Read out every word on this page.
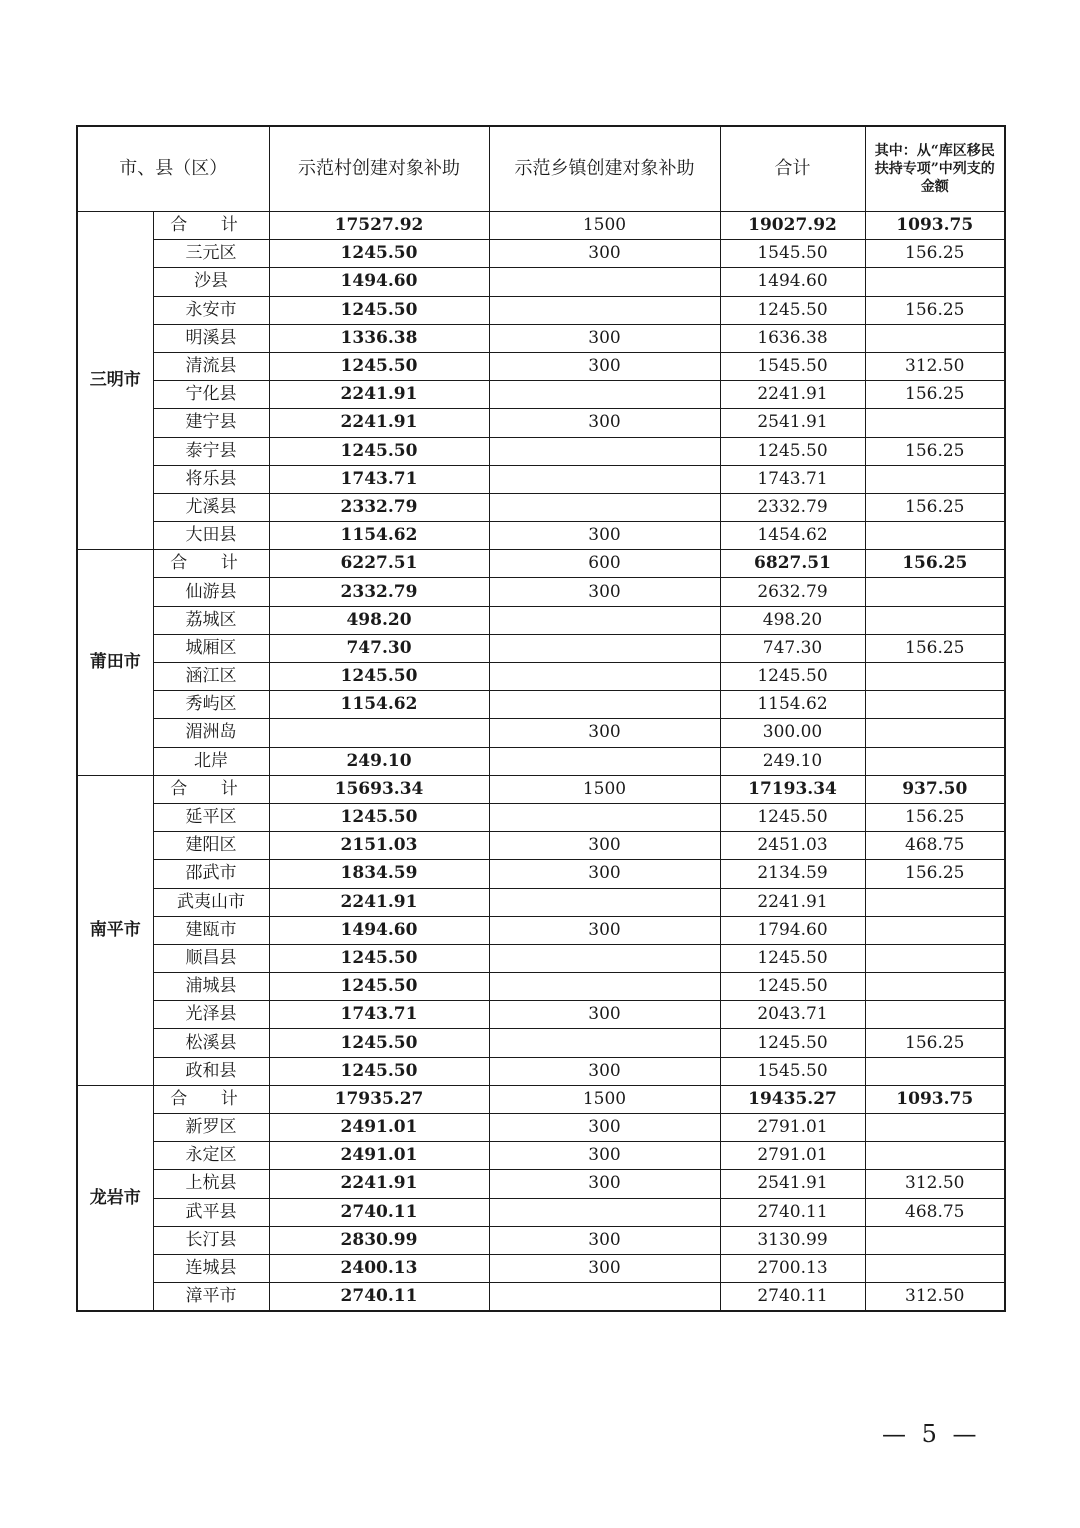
市、县（区）		示范村创建对象补助	示范乡镇创建对象补助	合计	其中：从“库区移民扶持专项”中列支的金额
三明市	合 计	17527.92	1500	19027.92	1093.75
	三元区	1245.50	300	1545.50	156.25
	沙县	1494.60		1494.60	
	永安市	1245.50		1245.50	156.25
	明溪县	1336.38	300	1636.38	
	清流县	1245.50	300	1545.50	312.50
	宁化县	2241.91		2241.91	156.25
	建宁县	2241.91	300	2541.91	
	泰宁县	1245.50		1245.50	156.25
	将乐县	1743.71		1743.71	
	尤溪县	2332.79		2332.79	156.25
	大田县	1154.62	300	1454.62	
莆田市	合 计	6227.51	600	6827.51	156.25
	仙游县	2332.79	300	2632.79	
	荔城区	498.20		498.20	
	城厢区	747.30		747.30	156.25
	涵江区	1245.50		1245.50	
	秀屿区	1154.62		1154.62	
	湄洲岛		300	300.00	
	北岸	249.10		249.10	
南平市	合 计	15693.34	1500	17193.34	937.50
	延平区	1245.50		1245.50	156.25
	建阳区	2151.03	300	2451.03	468.75
	邵武市	1834.59	300	2134.59	156.25
	武夷山市	2241.91		2241.91	
	建瓯市	1494.60	300	1794.60	
	顺昌县	1245.50		1245.50	
	浦城县	1245.50		1245.50	
	光泽县	1743.71	300	2043.71	
	松溪县	1245.50		1245.50	156.25
	政和县	1245.50	300	1545.50	
龙岩市	合 计	17935.27	1500	19435.27	1093.75
	新罗区	2491.01	300	2791.01	
	永定区	2491.01	300	2791.01	
	上杭县	2241.91	300	2541.91	312.50
	武平县	2740.11		2740.11	468.75
	长汀县	2830.99	300	3130.99	
	连城县	2400.13	300	2700.13	
	漳平市	2740.11		2740.11	312.50
— 5 —
